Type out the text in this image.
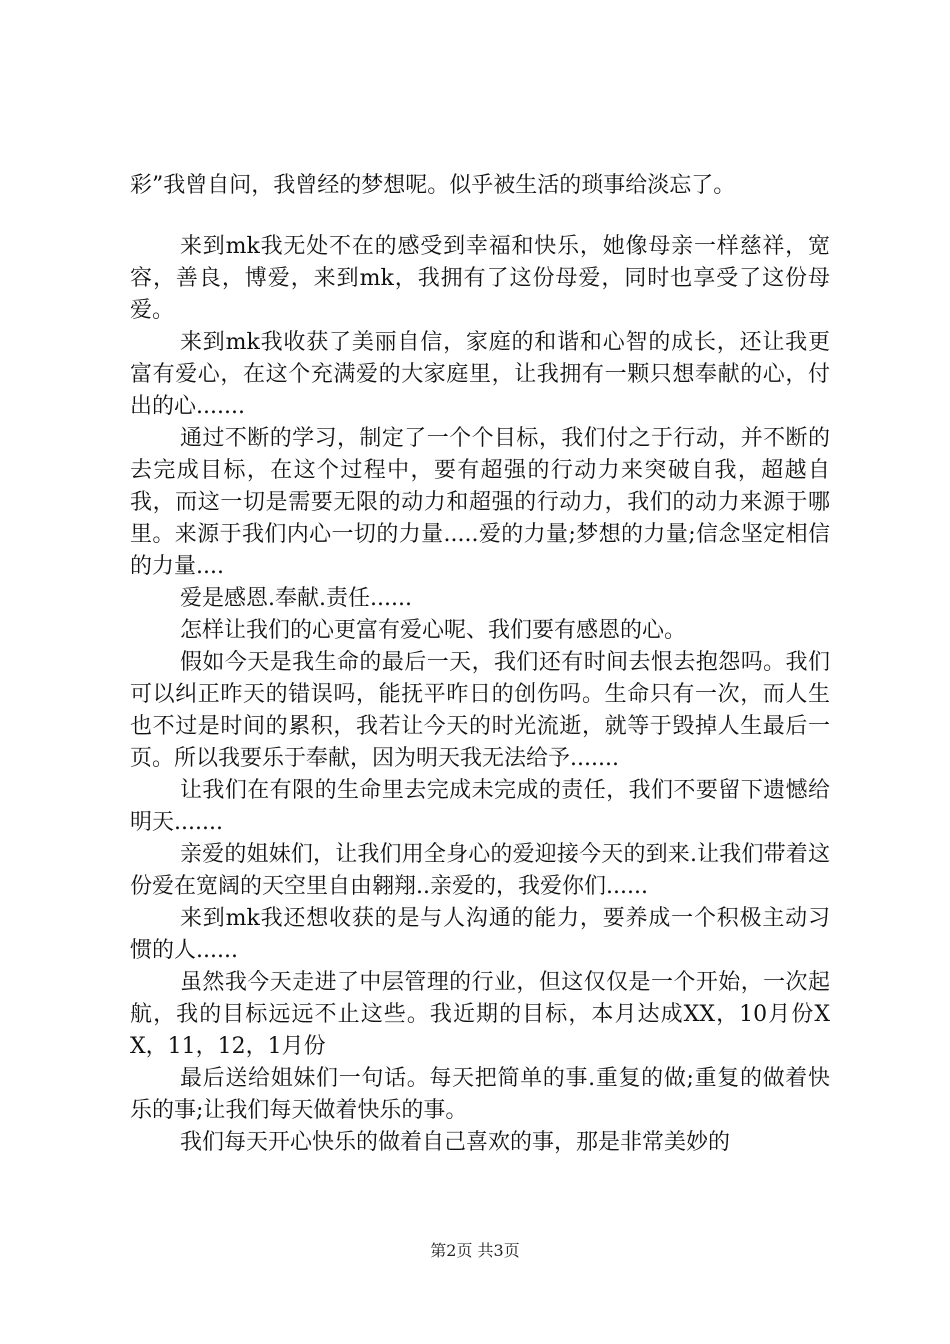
彩”我曾自问，我曾经的梦想呢。似乎被生活的琐事给淡忘了。

来到mk我无处不在的感受到幸福和快乐，她像母亲一样慈祥，宽容，善良，博爱，来到mk，我拥有了这份母爱，同时也享受了这份母爱。

来到mk我收获了美丽自信，家庭的和谐和心智的成长，还让我更富有爱心，在这个充满爱的大家庭里，让我拥有一颗只想奉献的心，付出的心.......

通过不断的学习，制定了一个个目标，我们付之于行动，并不断的去完成目标，在这个过程中，要有超强的行动力来突破自我，超越自我，而这一切是需要无限的动力和超强的行动力，我们的动力来源于哪里。来源于我们内心一切的力量.....爱的力量;梦想的力量;信念坚定相信的力量....

爱是感恩.奉献.责任......

怎样让我们的心更富有爱心呢、我们要有感恩的心。

假如今天是我生命的最后一天，我们还有时间去恨去抱怨吗。我们可以纠正昨天的错误吗，能抚平昨日的创伤吗。生命只有一次，而人生也不过是时间的累积，我若让今天的时光流逝，就等于毁掉人生最后一页。所以我要乐于奉献，因为明天我无法给予.......

让我们在有限的生命里去完成未完成的责任，我们不要留下遗憾给明天.......

亲爱的姐妹们，让我们用全身心的爱迎接今天的到来.让我们带着这份爱在宽阔的天空里自由翱翔..亲爱的，我爱你们......

来到mk我还想收获的是与人沟通的能力，要养成一个积极主动习惯的人......

虽然我今天走进了中层管理的行业，但这仅仅是一个开始，一次起航，我的目标远远不止这些。我近期的目标，本月达成XX，10月份XX，11，12，1月份

最后送给姐妹们一句话。每天把简单的事.重复的做;重复的做着快乐的事;让我们每天做着快乐的事。

我们每天开心快乐的做着自己喜欢的事，那是非常美妙的

第2页 共3页
